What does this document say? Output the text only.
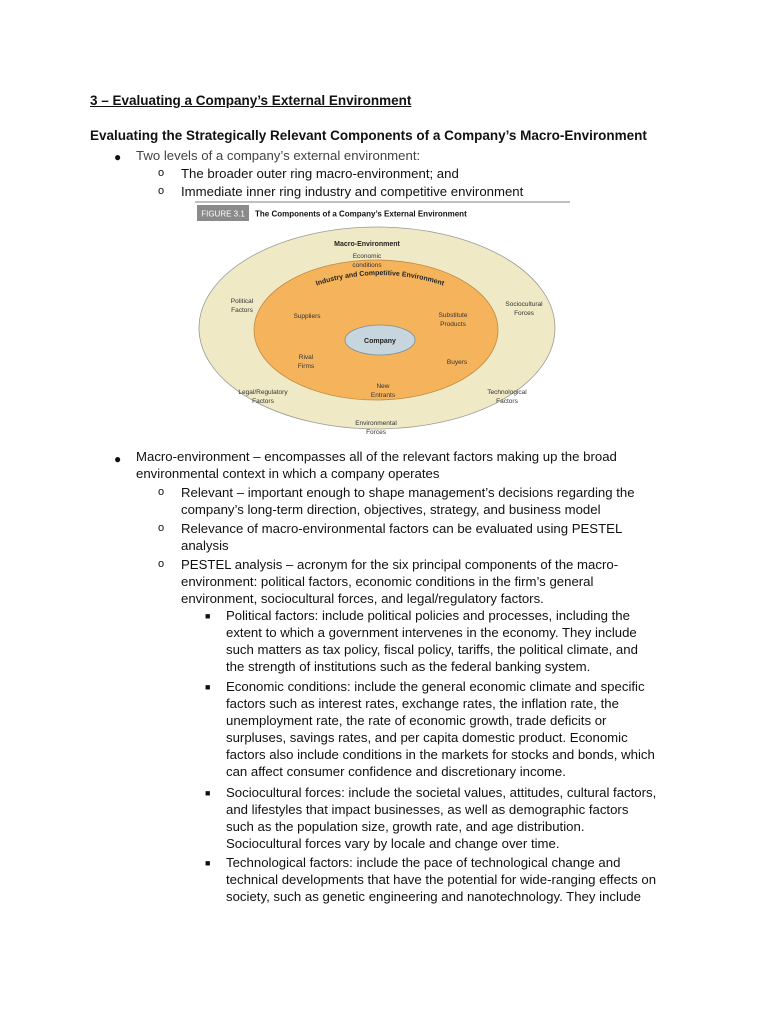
3 – Evaluating a Company’s External Environment
Evaluating the Strategically Relevant Components of a Company’s Macro-Environment
● Two levels of a company’s external environment:
o The broader outer ring macro-environment; and
o Immediate inner ring industry and competitive environment
FIGURE 3.1 The Components of a Company’s External Environment
Industry and Competitive Environment
Macro-Environment
Company
Economic
conditions
Political
Factors
Sociocultural
Forces
Legal/Regulatory
Factors
Technological
Factors
Environmental
Forces
Suppliers	Substitute
Products
Rival
Firms
Buyers
New
Entrants
● Macro-environment – encompasses all of the relevant factors making up the broad
environmental context in which a company operates
o Relevant – important enough to shape management’s decisions regarding the
company’s long-term direction, objectives, strategy, and business model
o Relevance of macro-environmental factors can be evaluated using PESTEL
analysis
o PESTEL analysis – acronym for the six principal components of the macro-
environment: political factors, economic conditions in the firm’s general
environment, sociocultural forces, and legal/regulatory factors.
■ Political factors: include political policies and processes, including the
extent to which a government intervenes in the economy. They include
such matters as tax policy, fiscal policy, tariffs, the political climate, and
the strength of institutions such as the federal banking system.
■ Economic conditions: include the general economic climate and specific
factors such as interest rates, exchange rates, the inflation rate, the
unemployment rate, the rate of economic growth, trade deficits or
surpluses, savings rates, and per capita domestic product. Economic
factors also include conditions in the markets for stocks and bonds, which
can affect consumer confidence and discretionary income.
■ Sociocultural forces: include the societal values, attitudes, cultural factors,
and lifestyles that impact businesses, as well as demographic factors
such as the population size, growth rate, and age distribution.
Sociocultural forces vary by locale and change over time.
■ Technological factors: include the pace of technological change and
technical developments that have the potential for wide-ranging effects on
society, such as genetic engineering and nanotechnology. They include
